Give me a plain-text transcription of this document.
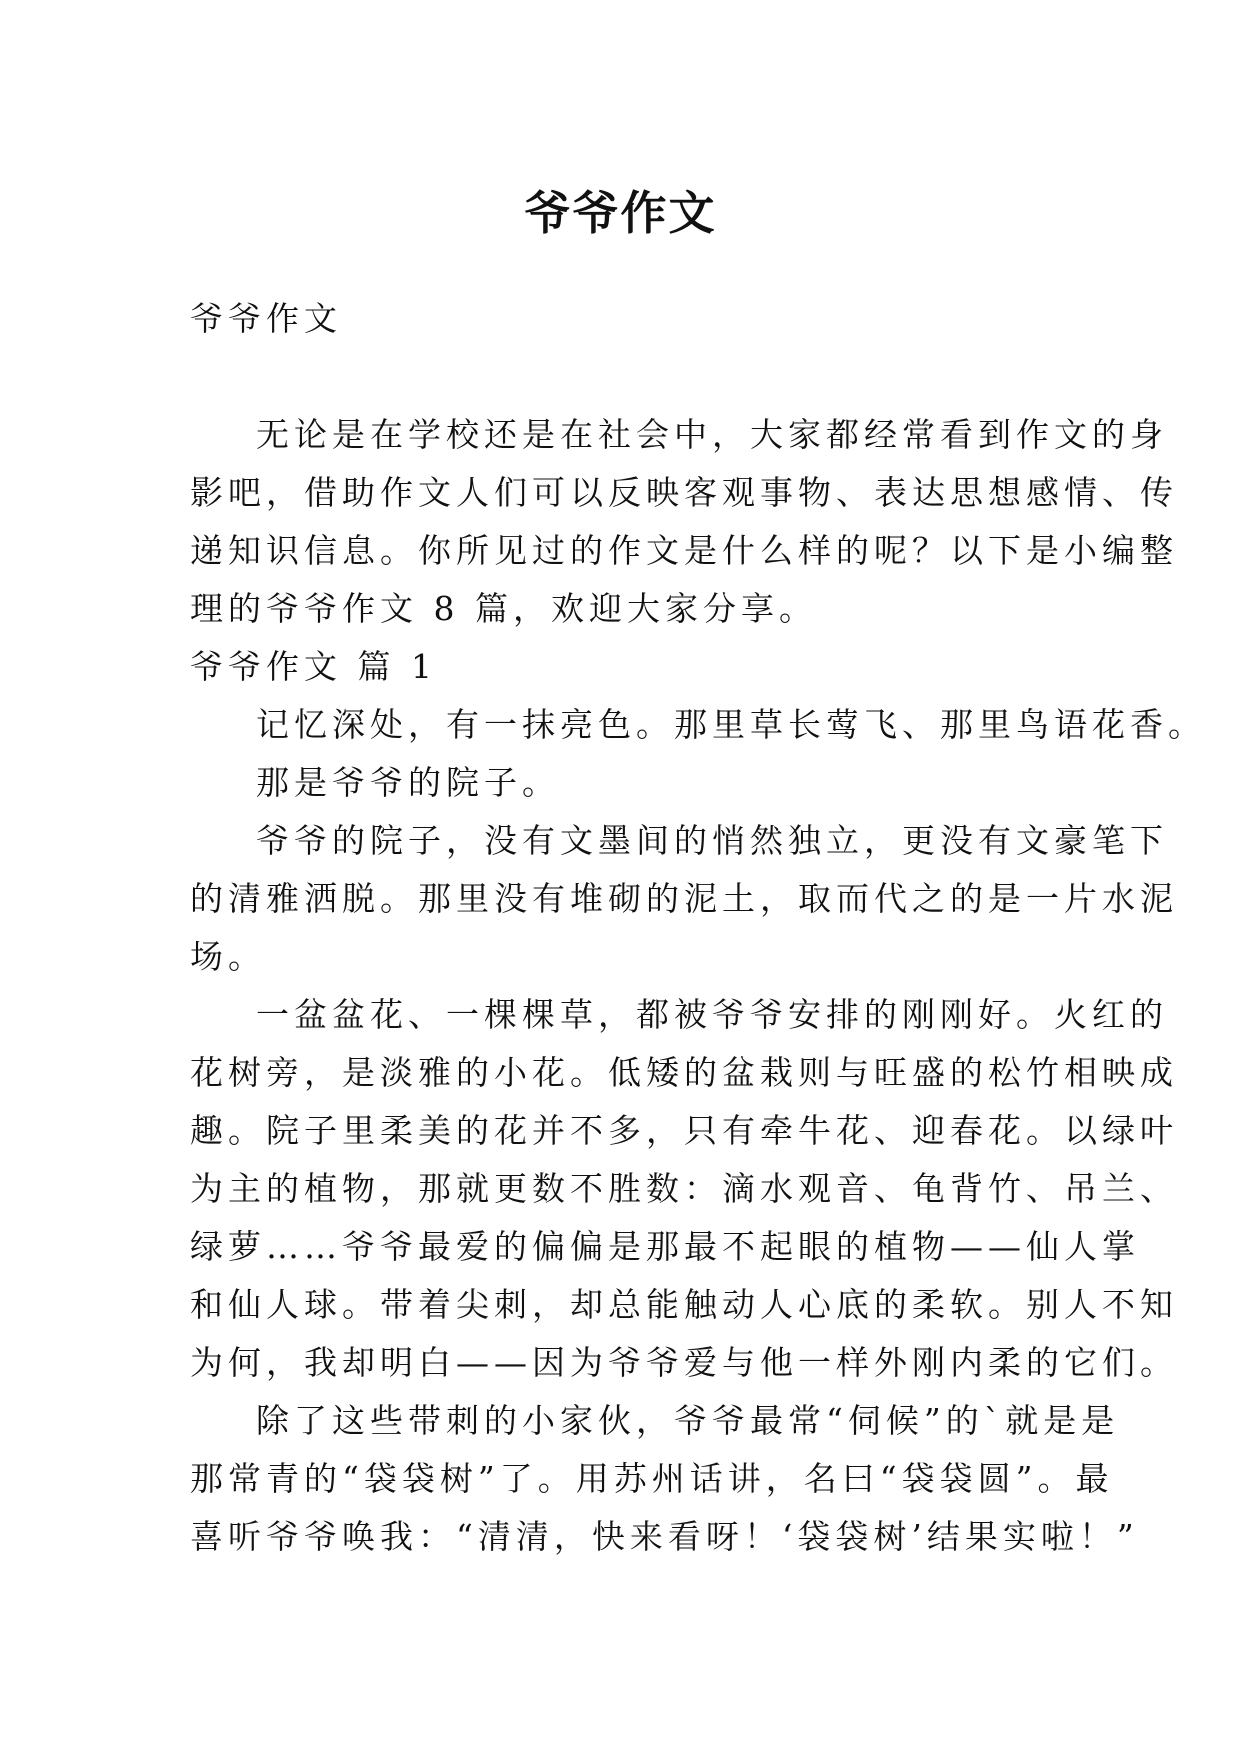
爷爷作文

爷爷作文

无论是在学校还是在社会中，大家都经常看到作文的身

影吧，借助作文人们可以反映客观事物、表达思想感情、传

递知识信息。你所见过的作文是什么样的呢？以下是小编整

理的爷爷作文 8 篇，欢迎大家分享。

爷爷作文 篇 1

记忆深处，有一抹亮色。那里草长莺飞、那里鸟语花香。

那是爷爷的院子。

爷爷的院子，没有文墨间的悄然独立，更没有文豪笔下

的清雅洒脱。那里没有堆砌的泥土，取而代之的是一片水泥

场。

一盆盆花、一棵棵草，都被爷爷安排的刚刚好。火红的

花树旁，是淡雅的小花。低矮的盆栽则与旺盛的松竹相映成

趣。院子里柔美的花并不多，只有牵牛花、迎春花。以绿叶

为主的植物，那就更数不胜数：滴水观音、龟背竹、吊兰、

绿萝……爷爷最爱的偏偏是那最不起眼的植物——仙人掌

和仙人球。带着尖刺，却总能触动人心底的柔软。别人不知

为何，我却明白——因为爷爷爱与他一样外刚内柔的它们。

除了这些带刺的小家伙，爷爷最常“伺候”的`就是是

那常青的“袋袋树”了。用苏州话讲，名曰“袋袋圆”。最

喜听爷爷唤我：“清清，快来看呀！‘袋袋树’结果实啦！”
